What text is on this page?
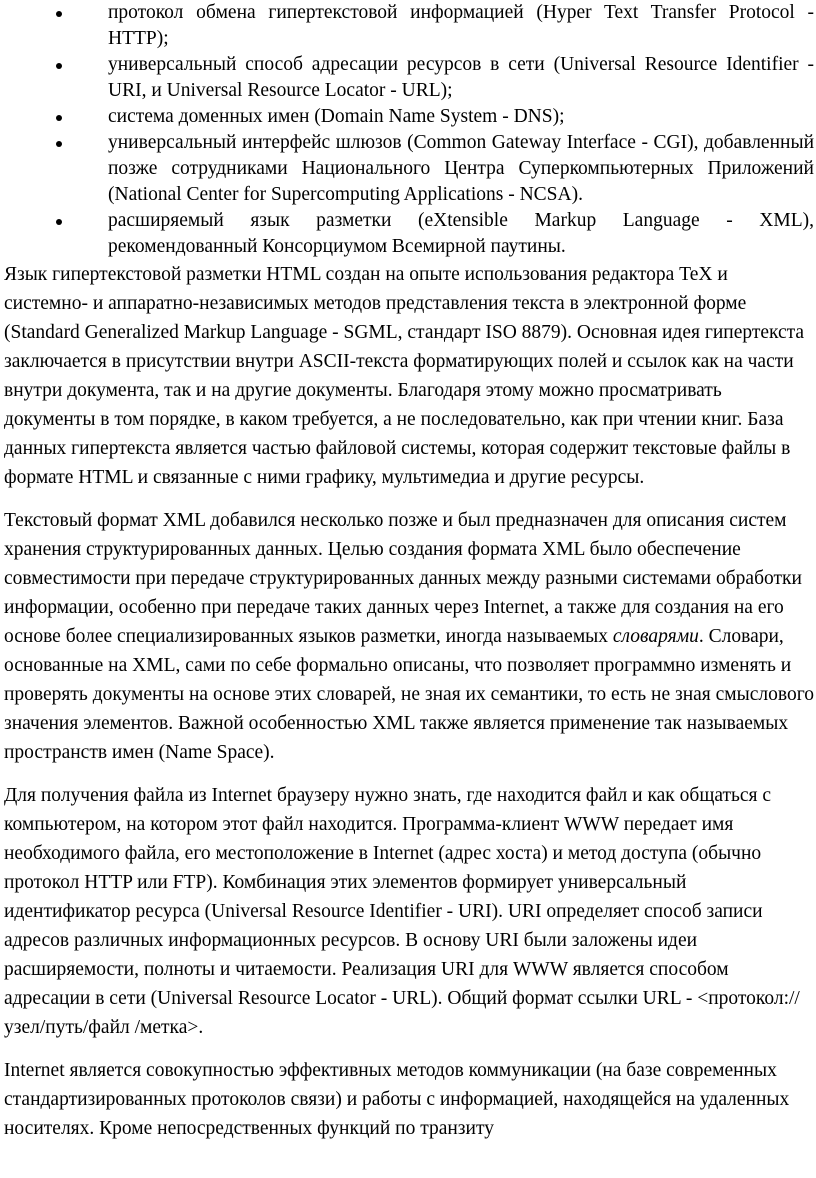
протокол обмена гипертекстовой информацией (Hyper Text Transfer Protocol - HTTP);
универсальный способ адресации ресурсов в сети (Universal Resource Identifier - URI, и Universal Resource Locator - URL);
система доменных имен (Domain Name System - DNS);
универсальный интерфейс шлюзов (Common Gateway Interface - CGI), добавленный позже сотрудниками Национального Центра Суперкомпьютерных Приложений (National Center for Supercomputing Applications - NCSA).
расширяемый язык разметки (eXtensible Markup Language - XML), рекомендованный Консорциумом Всемирной паутины.

Язык гипертекстовой разметки HTML создан на опыте использования редактора TeX и системно- и аппаратно-независимых методов представления текста в электронной форме (Standard Generalized Markup Language - SGML, стандарт ISO 8879). Основная идея гипертекста заключается в присутствии внутри ASCII-текста форматирующих полей и ссылок как на части внутри документа, так и на другие документы. Благодаря этому можно просматривать документы в том порядке, в каком требуется, а не последовательно, как при чтении книг. База данных гипертекста является частью файловой системы, которая содержит текстовые файлы в формате HTML и связанные с ними графику, мультимедиа и другие ресурсы.

Текстовый формат XML добавился несколько позже и был предназначен для описания систем хранения структурированных данных. Целью создания формата XML было обеспечение совместимости при передаче структурированных данных между разными системами обработки информации, особенно при передаче таких данных через Internet, а также для создания на его основе более специализированных языков разметки, иногда называемых словарями. Словари, основанные на XML, сами по себе формально описаны, что позволяет программно изменять и проверять документы на основе этих словарей, не зная их семантики, то есть не зная смыслового значения элементов. Важной особенностью XML также является применение так называемых пространств имен (Name Space).

Для получения файла из Internet браузеру нужно знать, где находится файл и как общаться с компьютером, на котором этот файл находится. Программа-клиент WWW передает имя необходимого файла, его местоположение в Internet (адрес хоста) и метод доступа (обычно протокол HTTP или FTP). Комбинация этих элементов формирует универсальный идентификатор ресурса (Universal Resource Identifier - URI). URI определяет способ записи адресов различных информационных ресурсов. В основу URI были заложены идеи расширяемости, полноты и читаемости. Реализация URI для WWW является способом адресации в сети (Universal Resource Locator - URL). Общий формат ссылки URL - <протокол://узел/путь/файл /метка>.

Internet является совокупностью эффективных методов коммуникации (на базе современных стандартизированных протоколов связи) и работы с информацией, находящейся на удаленных носителях. Кроме непосредственных функций по транзиту
